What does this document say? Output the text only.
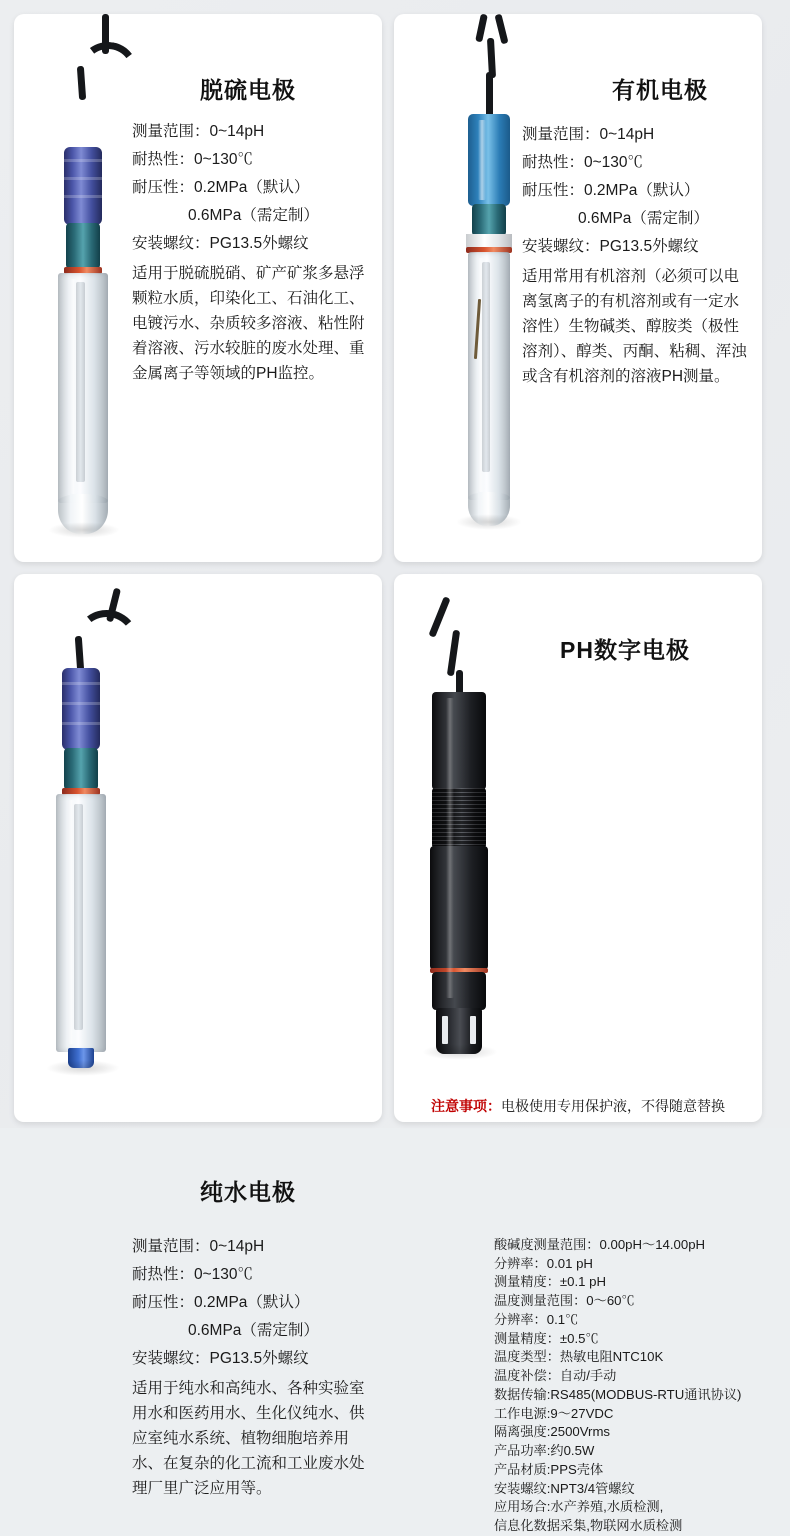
脱硫电极

测量范围：0~14pH

耐热性：0~130℃

耐压性：0.2MPa（默认）

0.6MPa（需定制）

安装螺纹：PG13.5外螺纹

适用于脱硫脱硝、矿产矿浆多悬浮颗粒水质，印染化工、石油化工、电镀污水、杂质较多溶液、粘性附着溶液、污水较脏的废水处理、重金属离子等领域的PH监控。

有机电极

测量范围：0~14pH

耐热性：0~130℃

耐压性：0.2MPa（默认）

0.6MPa（需定制）

安装螺纹：PG13.5外螺纹

适用常用有机溶剂（必须可以电离氢离子的有机溶剂或有一定水溶性）生物碱类、醇胺类（极性溶剂）、醇类、丙酮、粘稠、浑浊或含有机溶剂的溶液PH测量。

纯水电极

测量范围：0~14pH

耐热性：0~130℃

耐压性：0.2MPa（默认）

0.6MPa（需定制）

安装螺纹：PG13.5外螺纹

适用于纯水和高纯水、各种实验室用水和医药用水、生化仪纯水、供应室纯水系统、植物细胞培养用水、在复杂的化工流和工业废水处理厂里广泛应用等。

PH数字电极

酸碱度测量范围：0.00pH～14.00pH

分辨率：0.01 pH

测量精度：±0.1 pH

温度测量范围：0～60℃

分辨率：0.1℃

测量精度：±0.5℃

温度类型：热敏电阻NTC10K

温度补偿：自动/手动

数据传输:RS485(MODBUS-RTU通讯协议)

工作电源:9～27VDC

隔离强度:2500Vrms

产品功率:约0.5W

产品材质:PPS壳体

安装螺纹:NPT3/4管螺纹

应用场合:水产养殖,水质检测,

信息化数据采集,物联网水质检测

注意事项：电极使用专用保护液，不得随意替换
